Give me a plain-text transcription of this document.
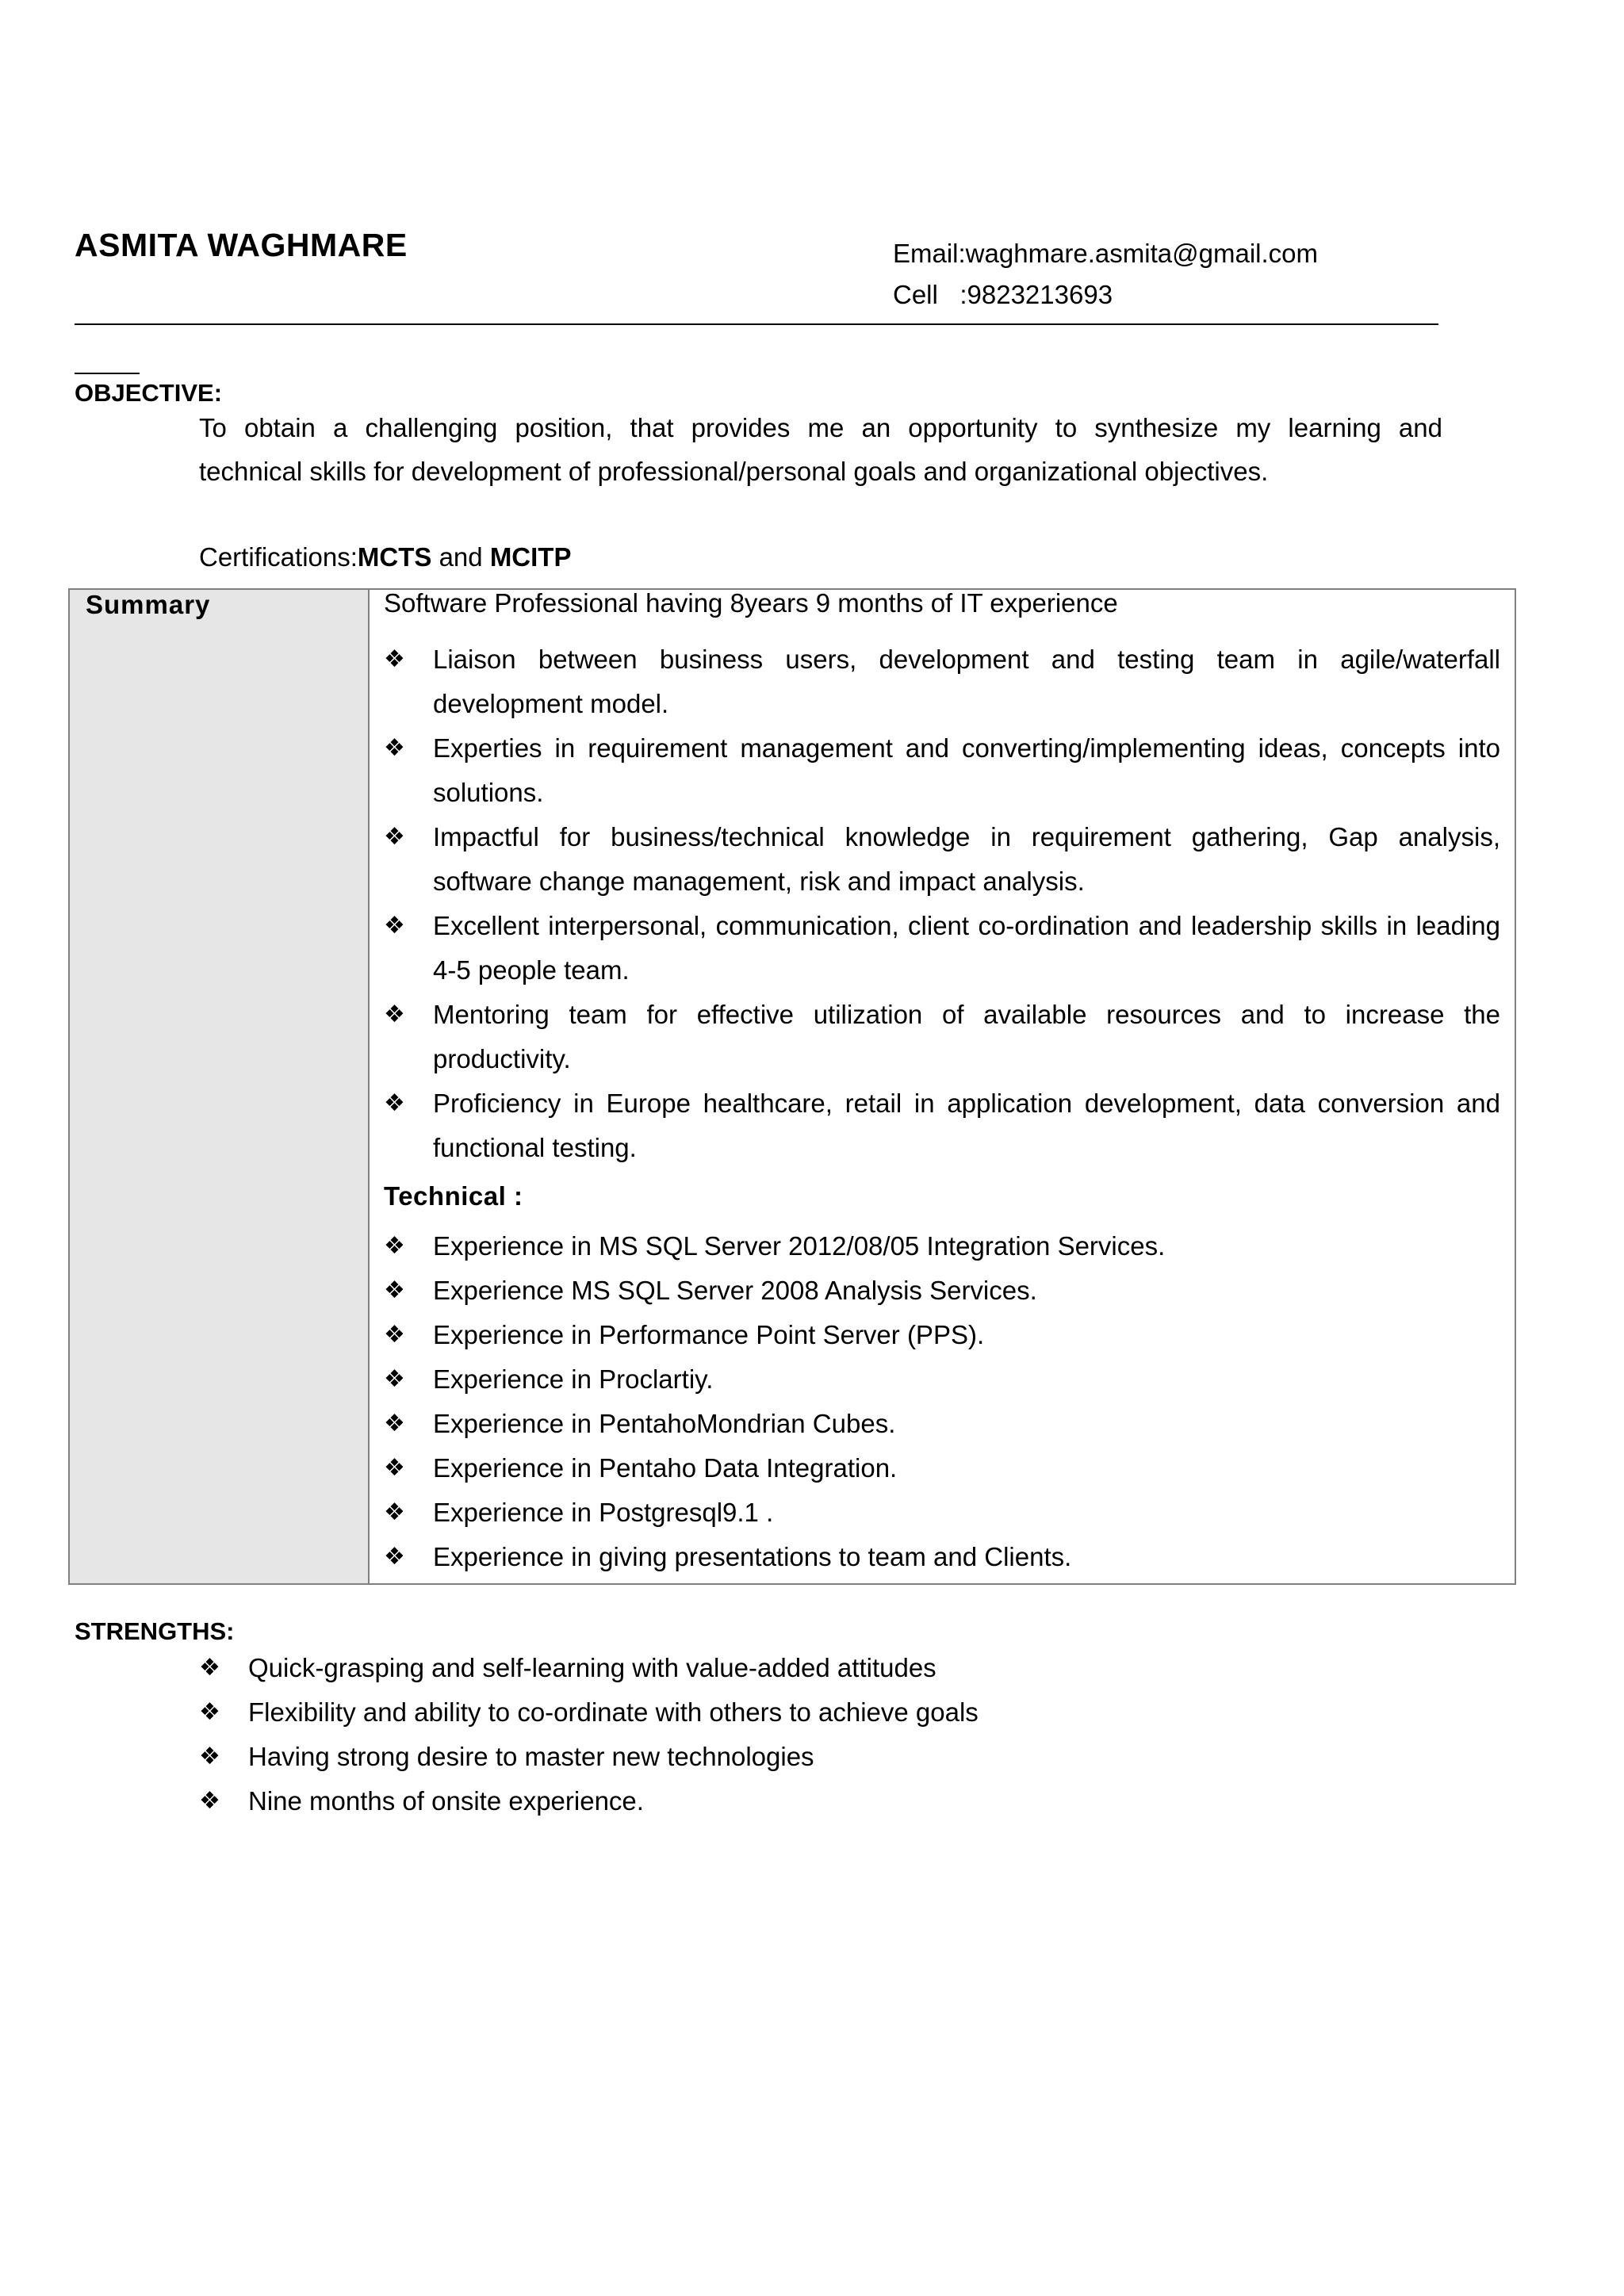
ASMITA WAGHMARE	Email:waghmare.asmita@gmail.com
Cell   :9823213693
OBJECTIVE:
To obtain a challenging position, that provides me an opportunity to synthesize my learning and
technical skills for development of professional/personal goals and organizational objectives.
Certifications:MCTS and MCITP
Summary	Software Professional having 8years 9 months of IT experience
❖ Liaison between business users, development and testing team in agile/waterfall development model.
❖ Experties in requirement management and converting/implementing ideas, concepts into solutions.
❖ Impactful for business/technical knowledge in requirement gathering, Gap analysis, software change management, risk and impact analysis.
❖ Excellent interpersonal, communication, client co-ordination and leadership skills in leading 4-5 people team.
❖ Mentoring team for effective utilization of available resources and to increase the productivity.
❖ Proficiency in Europe healthcare, retail in application development, data conversion and functional testing.
Technical :
❖ Experience in MS SQL Server 2012/08/05 Integration Services.
❖ Experience MS SQL Server 2008 Analysis Services.
❖ Experience in Performance Point Server (PPS).
❖ Experience in Proclartiy.
❖ Experience in PentahoMondrian Cubes.
❖ Experience in Pentaho Data Integration.
❖ Experience in Postgresql9.1 .
❖ Experience in giving presentations to team and Clients.
STRENGTHS:
❖ Quick-grasping and self-learning with value-added attitudes
❖ Flexibility and ability to co-ordinate with others to achieve goals
❖ Having strong desire to master new technologies
❖ Nine months of onsite experience.
